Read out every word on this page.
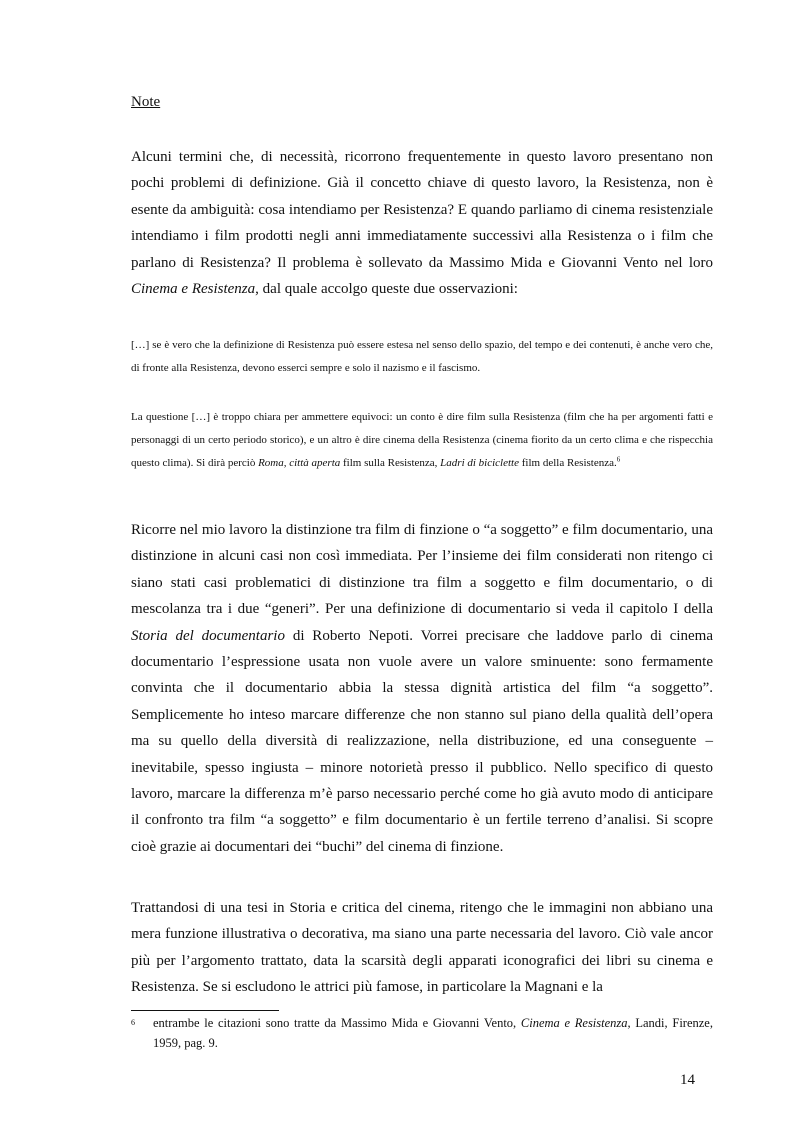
Note

Alcuni termini che, di necessità, ricorrono frequentemente in questo lavoro presentano non pochi problemi di definizione. Già il concetto chiave di questo lavoro, la Resistenza, non è esente da ambiguità: cosa intendiamo per Resistenza? E quando parliamo di cinema resistenziale intendiamo i film prodotti negli anni immediatamente successivi alla Resistenza o i film che parlano di Resistenza? Il problema è sollevato da Massimo Mida e Giovanni Vento nel loro Cinema e Resistenza, dal quale accolgo queste due osservazioni:

[…] se è vero che la definizione di Resistenza può essere estesa nel senso dello spazio, del tempo e dei contenuti, è anche vero che, di fronte alla Resistenza, devono esserci sempre e solo il nazismo e il fascismo.

La questione […] è troppo chiara per ammettere equivoci: un conto è dire film sulla Resistenza (film che ha per argomenti fatti e personaggi di un certo periodo storico), e un altro è dire cinema della Resistenza (cinema fiorito da un certo clima e che rispecchia questo clima). Si dirà perciò Roma, città aperta film sulla Resistenza, Ladri di biciclette film della Resistenza.$^6$

Ricorre nel mio lavoro la distinzione tra film di finzione o “a soggetto” e film documentario, una distinzione in alcuni casi non così immediata. Per l’insieme dei film considerati non ritengo ci siano stati casi problematici di distinzione tra film a soggetto e film documentario, o di mescolanza tra i due “generi”. Per una definizione di documentario si veda il capitolo I della Storia del documentario di Roberto Nepoti. Vorrei precisare che laddove parlo di cinema documentario l’espressione usata non vuole avere un valore sminuente: sono fermamente convinta che il documentario abbia la stessa dignità artistica del film “a soggetto”. Semplicemente ho inteso marcare differenze che non stanno sul piano della qualità dell’opera ma su quello della diversità di realizzazione, nella distribuzione, ed una conseguente – inevitabile, spesso ingiusta – minore notorietà presso il pubblico. Nello specifico di questo lavoro, marcare la differenza m’è parso necessario perché come ho già avuto modo di anticipare il confronto tra film “a soggetto” e film documentario è un fertile terreno d’analisi. Si scopre cioè grazie ai documentari dei “buchi” del cinema di finzione.

Trattandosi di una tesi in Storia e critica del cinema, ritengo che le immagini non abbiano una mera funzione illustrativa o decorativa, ma siano una parte necessaria del lavoro. Ciò vale ancor più per l’argomento trattato, data la scarsità degli apparati iconografici dei libri su cinema e Resistenza. Se si escludono le attrici più famose, in particolare la Magnani e la

6	entrambe le citazioni sono tratte da Massimo Mida e Giovanni Vento, Cinema e Resistenza, Landi, Firenze, 1959, pag. 9.
14
